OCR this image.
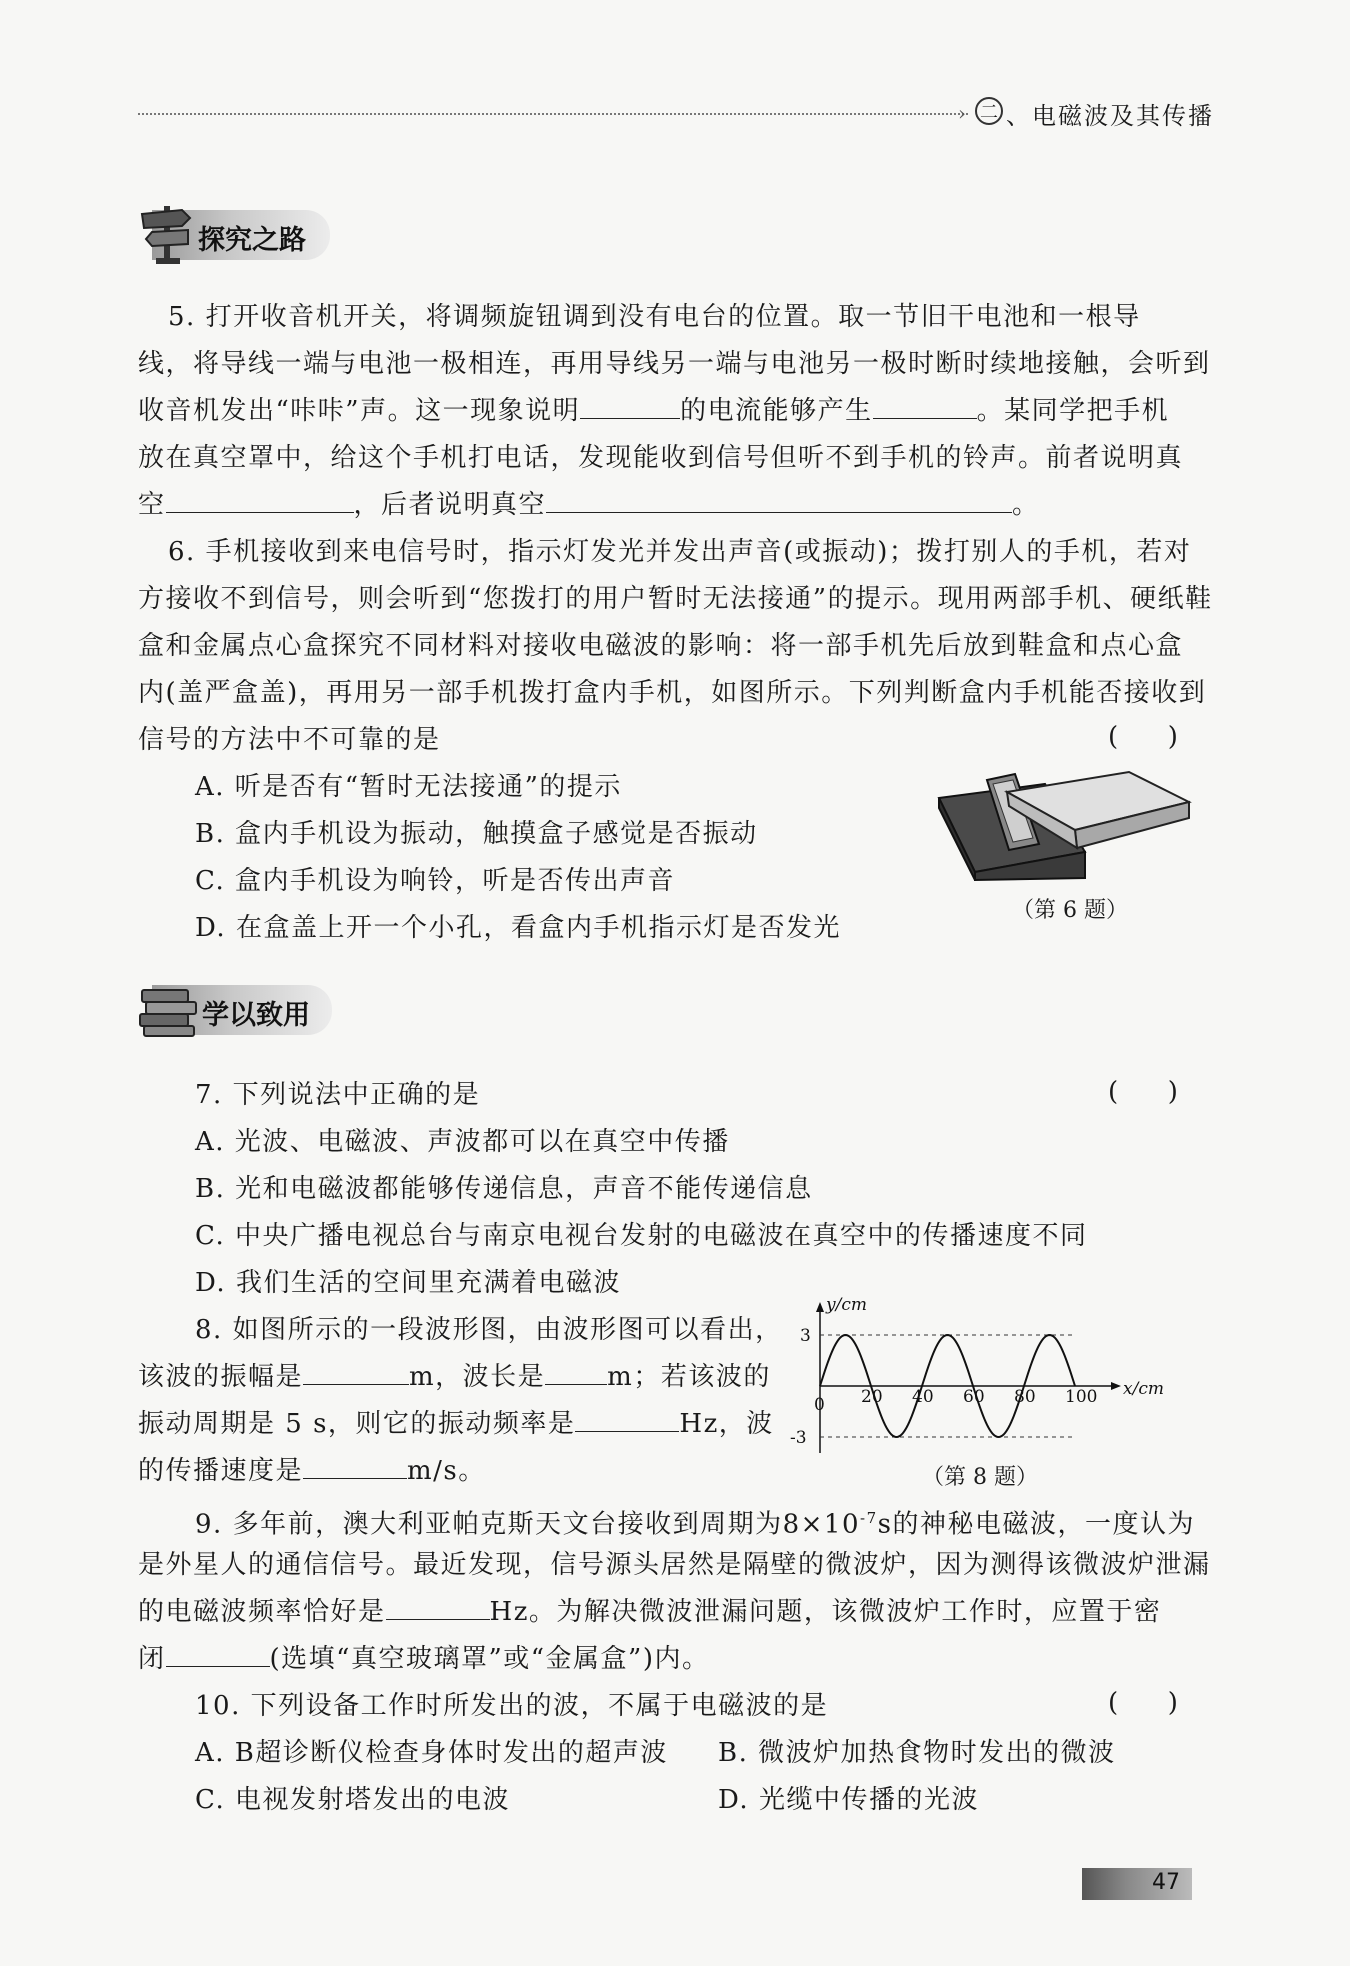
› 二 、电磁波及其传播
探究之路
5. 打开收音机开关，将调频旋钮调到没有电台的位置。取一节旧干电池和一根导
线，将导线一端与电池一极相连，再用导线另一端与电池另一极时断时续地接触，会听到
收音机发出“咔咔”声。这一现象说明	的电流能够产生	。某同学把手机
放在真空罩中，给这个手机打电话，发现能收到信号但听不到手机的铃声。前者说明真
空	，后者说明真空	。
6. 手机接收到来电信号时，指示灯发光并发出声音(或振动)；拨打别人的手机，若对
方接收不到信号，则会听到“您拨打的用户暂时无法接通”的提示。现用两部手机、硬纸鞋
盒和金属点心盒探究不同材料对接收电磁波的影响：将一部手机先后放到鞋盒和点心盒
内(盖严盒盖)，再用另一部手机拨打盒内手机，如图所示。下列判断盒内手机能否接收到
信号的方法中不可靠的是	(      )
A. 听是否有“暂时无法接通”的提示
B. 盒内手机设为振动，触摸盒子感觉是否振动
C. 盒内手机设为响铃，听是否传出声音
D. 在盒盖上开一个小孔，看盒内手机指示灯是否发光
（第 6 题）
学以致用
7. 下列说法中正确的是	(      )
A. 光波、电磁波、声波都可以在真空中传播
B. 光和电磁波都能够传递信息，声音不能传递信息
C. 中央广播电视总台与南京电视台发射的电磁波在真空中的传播速度不同
D. 我们生活的空间里充满着电磁波
8. 如图所示的一段波形图，由波形图可以看出，
该波的振幅是	m，波长是 m；若该波的
振动周期是 5 s，则它的振动频率是	Hz，波
的传播速度是	m/s。
y/cm
x/cm
3
-3
0 20 40 60 80 100
（第 8 题）
9. 多年前，澳大利亚帕克斯天文台接收到周期为$8\times 10^{-7}s$的神秘电磁波，一度认为
是外星人的通信信号。最近发现，信号源头居然是隔壁的微波炉，因为测得该微波炉泄漏
的电磁波频率恰好是	Hz。为解决微波泄漏问题，该微波炉工作时，应置于密
闭	(选填“真空玻璃罩”或“金属盒”)内。
10. 下列设备工作时所发出的波，不属于电磁波的是	(      )
A. B超诊断仪检查身体时发出的超声波 B. 微波炉加热食物时发出的微波
C. 电视发射塔发出的电波	D. 光缆中传播的光波
47
